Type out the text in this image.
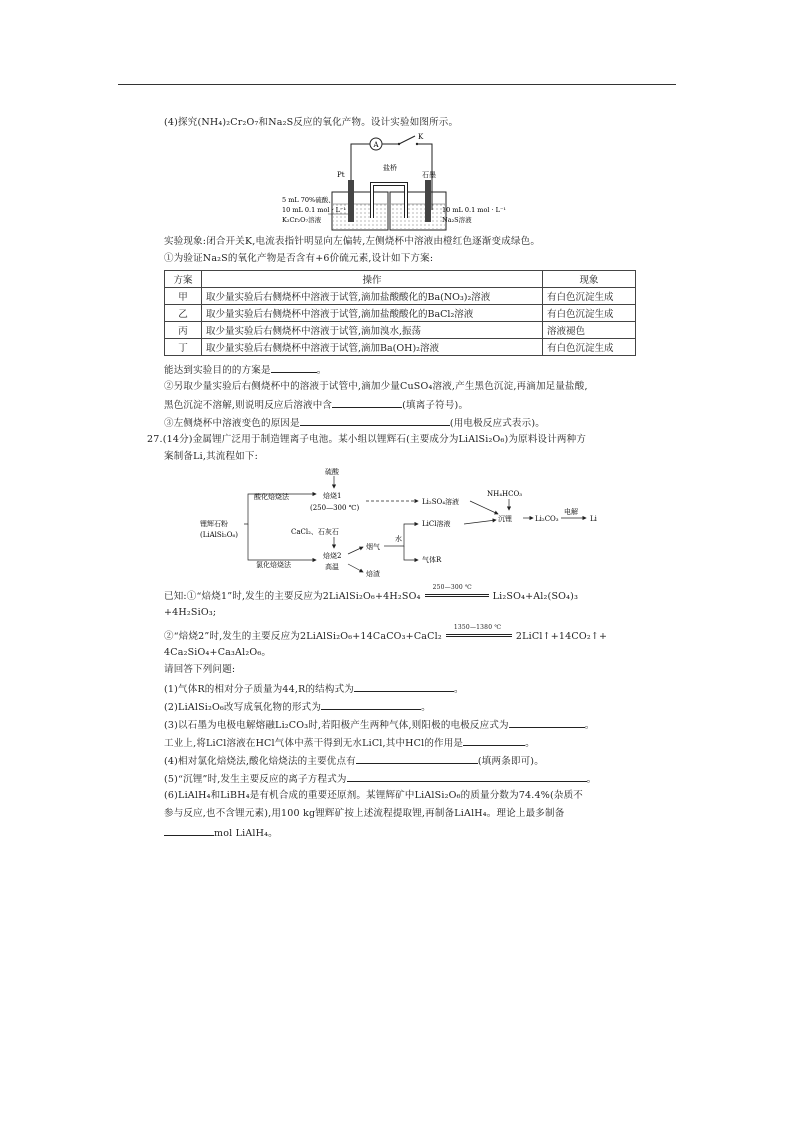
(4)探究(NH₄)₂Cr₂O₇和Na₂S反应的氧化产物。设计实验如图所示。
A
K
Pt
盐桥
石墨
5 mL 70%硫酸、
10 mL 0.1 mol · L⁻¹
K₂Cr₂O₇溶液
10 mL 0.1 mol · L⁻¹
Na₂S溶液
实验现象:闭合开关K,电流表指针明显向左偏转,左侧烧杯中溶液由橙红色逐渐变成绿色。
①为验证Na₂S的氧化产物是否含有+6价硫元素,设计如下方案:
方案	操作	现象
甲	取少量实验后右侧烧杯中溶液于试管,滴加盐酸酸化的Ba(NO₃)₂溶液	有白色沉淀生成
乙	取少量实验后右侧烧杯中溶液于试管,滴加盐酸酸化的BaCl₂溶液	有白色沉淀生成
丙	取少量实验后右侧烧杯中溶液于试管,滴加溴水,振荡	溶液褪色
丁	取少量实验后右侧烧杯中溶液于试管,滴加Ba(OH)₂溶液	有白色沉淀生成
能达到实验目的的方案是	。
②另取少量实验后右侧烧杯中的溶液于试管中,滴加少量CuSO₄溶液,产生黑色沉淀,再滴加足量盐酸,
黑色沉淀不溶解,则说明反应后溶液中含	(填离子符号)。
③左侧烧杯中溶液变色的原因是	(用电极反应式表示)。
27.(14分)金属锂广泛用于制造锂离子电池。某小组以锂辉石(主要成分为LiAlSi₂O₆)为原料设计两种方
案制备Li,其流程如下:
硫酸
酸化焙烧法	焙烧1
(250—300 ℃)
Li₂SO₄溶液
NH₄HCO₃
沉锂	Li₂CO₃
电解
Li
锂辉石粉
(LiAlSi₂O₆)	CaCl₂、石灰石
焙烧2
高温
氯化焙烧法
烟气
水
LiCl溶液
气体R
焙渣
已知:①“焙烧1”时,发生的主要反应为2LiAlSi₂O₆+4H₂SO₄
250—300 ℃
Li₂SO₄+Al₂(SO₄)₃
+4H₂SiO₃;
②“焙烧2”时,发生的主要反应为2LiAlSi₂O₆+14CaCO₃+CaCl₂
1350—1380 ℃
2LiCl↑+14CO₂↑+
4Ca₂SiO₄+Ca₃Al₂O₆。
请回答下列问题:
(1)气体R的相对分子质量为44,R的结构式为	。
(2)LiAlSi₂O₆改写成氧化物的形式为	。
(3)以石墨为电极电解熔融Li₂CO₃时,若阳极产生两种气体,则阳极的电极反应式为	。
工业上,将LiCl溶液在HCl气体中蒸干得到无水LiCl,其中HCl的作用是	。
(4)相对氯化焙烧法,酸化焙烧法的主要优点有	(填两条即可)。
(5)“沉锂”时,发生主要反应的离子方程式为	。
(6)LiAlH₄和LiBH₄是有机合成的重要还原剂。某锂辉矿中LiAlSi₂O₆的质量分数为74.4%(杂质不
参与反应,也不含锂元素),用100 kg锂辉矿按上述流程提取锂,再制备LiAlH₄。理论上最多制备
mol LiAlH₄。
